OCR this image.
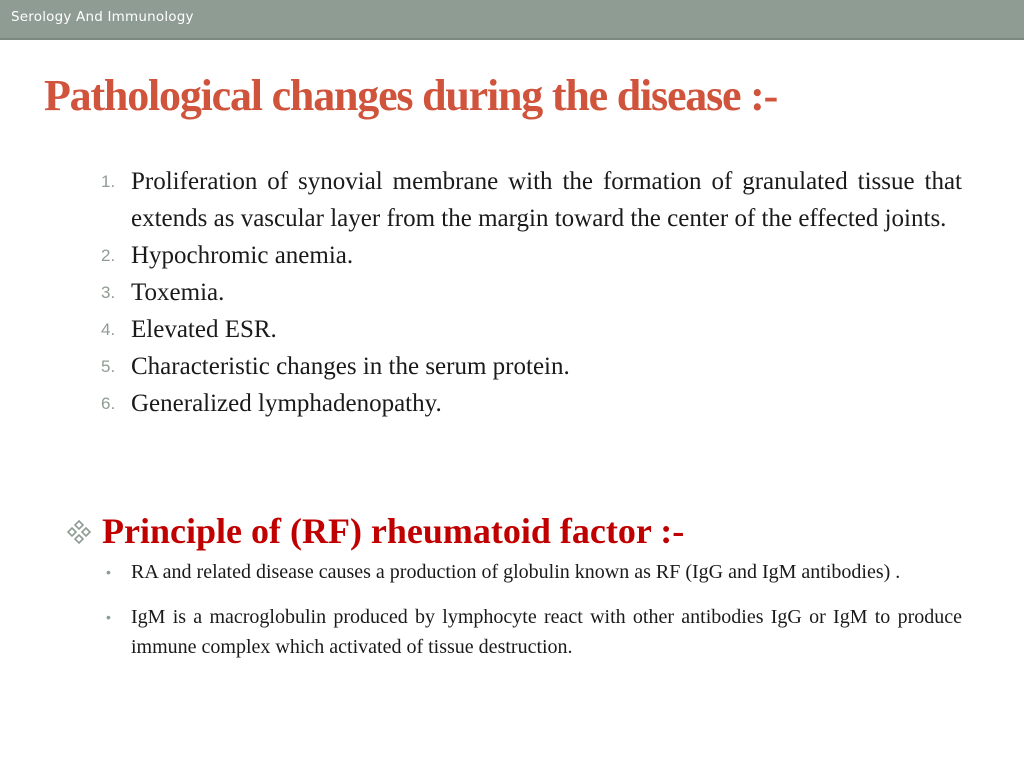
Serology And Immunology
Pathological changes during the disease :-
1. Proliferation of synovial membrane with the formation of granulated tissue that extends as vascular layer from the margin toward the center of the effected joints.
2. Hypochromic anemia.
3. Toxemia.
4. Elevated ESR.
5. Characteristic changes in the serum protein.
6. Generalized lymphadenopathy.
Principle of (RF) rheumatoid factor :-
• RA and related disease causes a production of globulin known as RF (IgG and IgM antibodies) .
• IgM is a macroglobulin produced by lymphocyte react with other antibodies IgG or IgM to produce immune complex which activated of tissue destruction.
